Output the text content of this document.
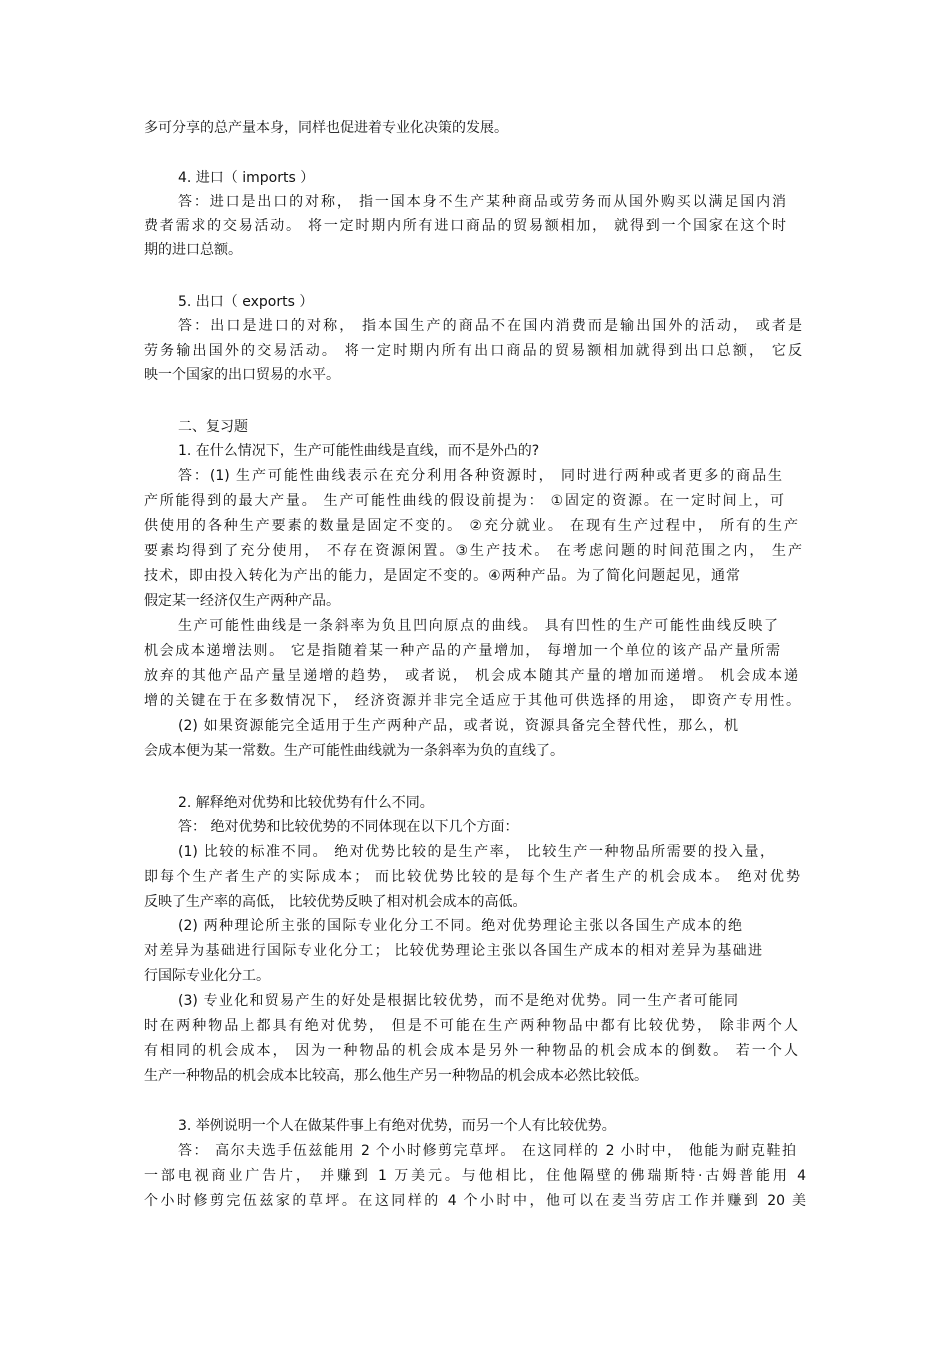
多可分享的总产量本身，同样也促进着专业化决策的发展。
4. 进口（ imports ）
答：进口是出口的对称， 指一国本身不生产某种商品或劳务而从国外购买以满足国内消
费者需求的交易活动。 将一定时期内所有进口商品的贸易额相加， 就得到一个国家在这个时
期的进口总额。
5. 出口（ exports ）
答：出口是进口的对称， 指本国生产的商品不在国内消费而是输出国外的活动， 或者是
劳务输出国外的交易活动。 将一定时期内所有出口商品的贸易额相加就得到出口总额， 它反
映一个国家的出口贸易的水平。
二、复习题
1. 在什么情况下，生产可能性曲线是直线，而不是外凸的?
答：(1) 生产可能性曲线表示在充分利用各种资源时， 同时进行两种或者更多的商品生
产所能得到的最大产量。 生产可能性曲线的假设前提为： ①固定的资源。在一定时间上，可
供使用的各种生产要素的数量是固定不变的。 ②充分就业。 在现有生产过程中， 所有的生产
要素均得到了充分使用， 不存在资源闲置。③生产技术。 在考虑问题的时间范围之内， 生产
技术，即由投入转化为产出的能力，是固定不变的。④两种产品。为了简化问题起见，通常
假定某一经济仅生产两种产品。
生产可能性曲线是一条斜率为负且凹向原点的曲线。 具有凹性的生产可能性曲线反映了
机会成本递增法则。 它是指随着某一种产品的产量增加， 每增加一个单位的该产品产量所需
放弃的其他产品产量呈递增的趋势， 或者说， 机会成本随其产量的增加而递增。 机会成本递
增的关键在于在多数情况下， 经济资源并非完全适应于其他可供选择的用途， 即资产专用性。
(2) 如果资源能完全适用于生产两种产品，或者说，资源具备完全替代性，那么，机
会成本便为某一常数。生产可能性曲线就为一条斜率为负的直线了。
2. 解释绝对优势和比较优势有什么不同。
答： 绝对优势和比较优势的不同体现在以下几个方面：
(1) 比较的标准不同。 绝对优势比较的是生产率， 比较生产一种物品所需要的投入量，
即每个生产者生产的实际成本； 而比较优势比较的是每个生产者生产的机会成本。 绝对优势
反映了生产率的高低， 比较优势反映了相对机会成本的高低。
(2) 两种理论所主张的国际专业化分工不同。绝对优势理论主张以各国生产成本的绝
对差异为基础进行国际专业化分工； 比较优势理论主张以各国生产成本的相对差异为基础进
行国际专业化分工。
(3) 专业化和贸易产生的好处是根据比较优势，而不是绝对优势。同一生产者可能同
时在两种物品上都具有绝对优势， 但是不可能在生产两种物品中都有比较优势， 除非两个人
有相同的机会成本， 因为一种物品的机会成本是另外一种物品的机会成本的倒数。 若一个人
生产一种物品的机会成本比较高，那么他生产另一种物品的机会成本必然比较低。
3. 举例说明一个人在做某件事上有绝对优势，而另一个人有比较优势。
答： 高尔夫选手伍兹能用 2 个小时修剪完草坪。 在这同样的 2 小时中， 他能为耐克鞋拍
一部电视商业广告片， 并赚到 1 万美元。与他相比，住他隔壁的佛瑞斯特·古姆普能用 4
个小时修剪完伍兹家的草坪。在这同样的 4 个小时中，他可以在麦当劳店工作并赚到 20 美
